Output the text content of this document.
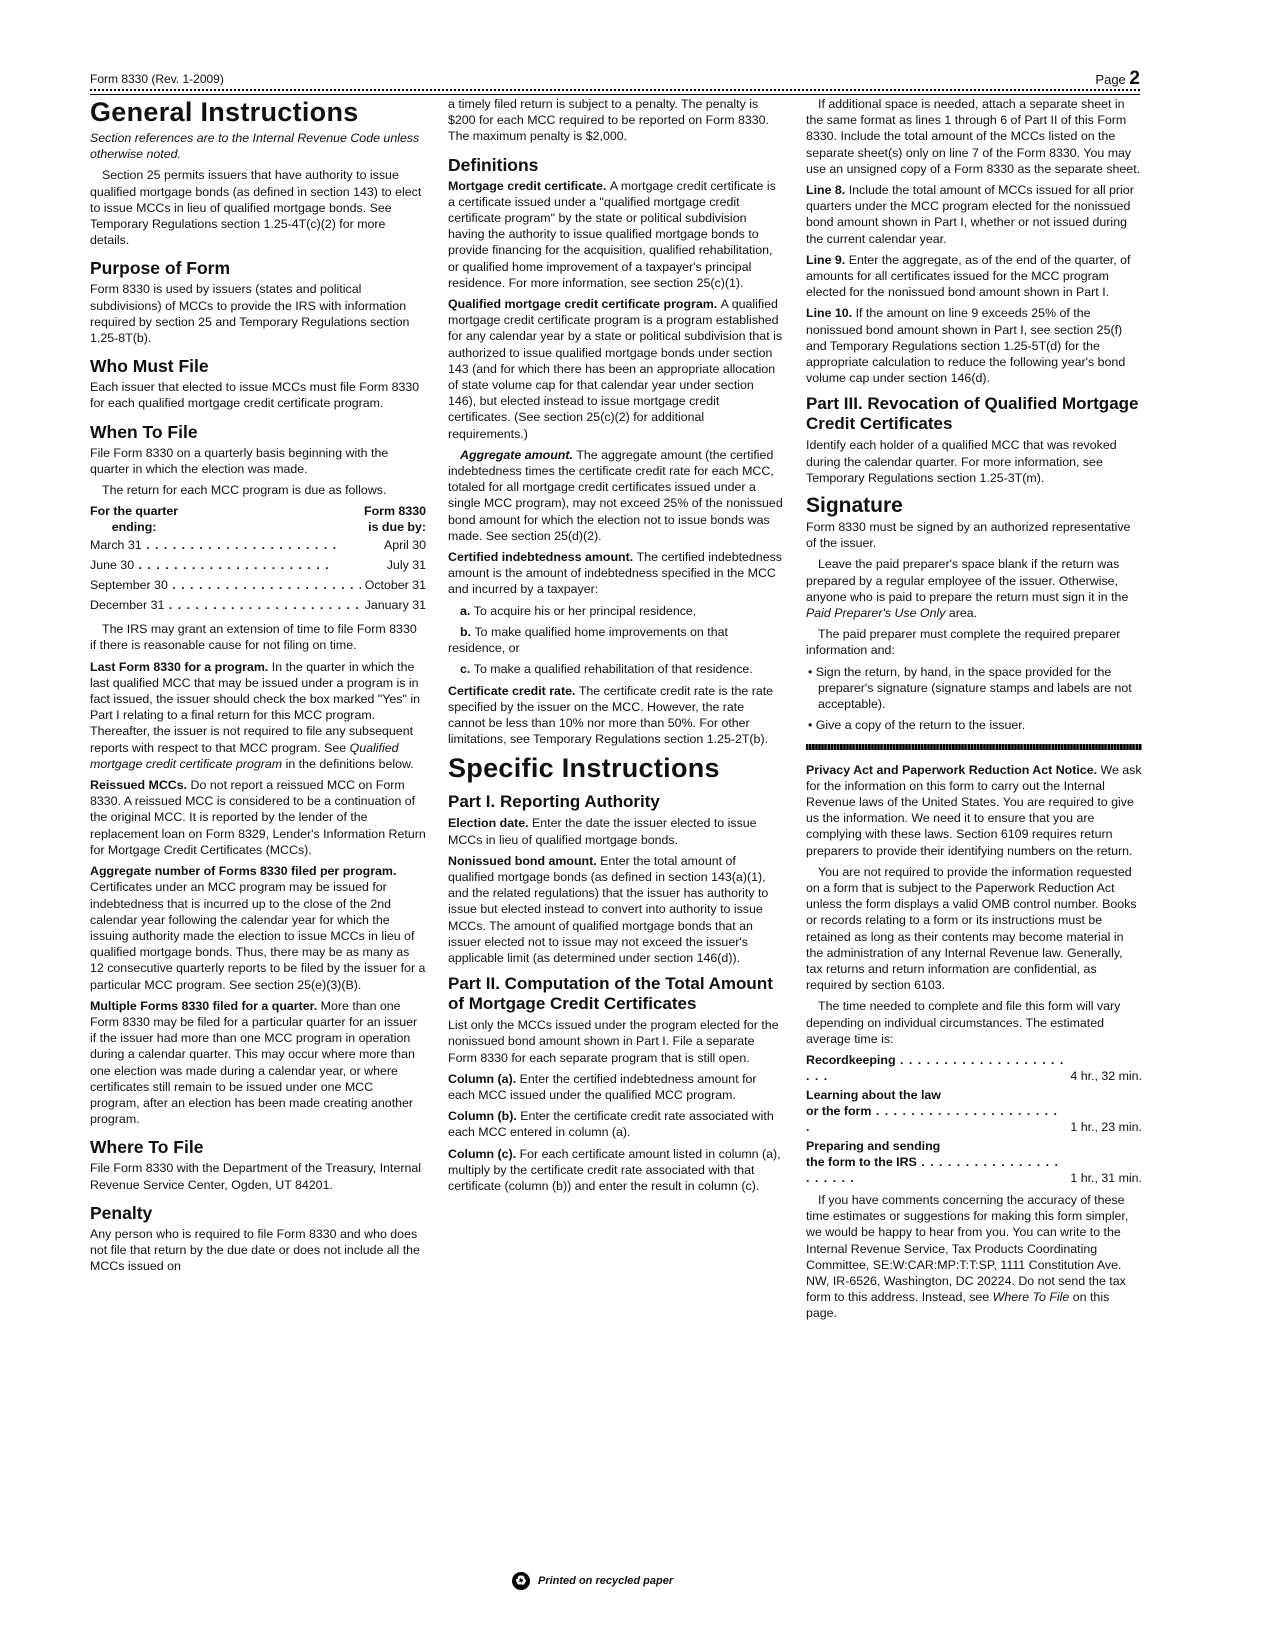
Form 8330 (Rev. 1-2009)	Page 2
General Instructions
Section references are to the Internal Revenue Code unless otherwise noted.
Section 25 permits issuers that have authority to issue qualified mortgage bonds (as defined in section 143) to elect to issue MCCs in lieu of qualified mortgage bonds. See Temporary Regulations section 1.25-4T(c)(2) for more details.
Purpose of Form
Form 8330 is used by issuers (states and political subdivisions) of MCCs to provide the IRS with information required by section 25 and Temporary Regulations section 1.25-8T(b).
Who Must File
Each issuer that elected to issue MCCs must file Form 8330 for each qualified mortgage credit certificate program.
When To File
File Form 8330 on a quarterly basis beginning with the quarter in which the election was made.
The return for each MCC program is due as follows.
For the quarter
ending:
Form 8330
is due by:
March 31 . .	April 30
June 30 . .	July 31
September 30 . .	October 31
December 31 . .	January 31
The IRS may grant an extension of time to file Form 8330 if there is reasonable cause for not filing on time.
Last Form 8330 for a program. In the quarter in which the last qualified MCC that may be issued under a program is in fact issued, the issuer should check the box marked "Yes" in Part I relating to a final return for this MCC program. Thereafter, the issuer is not required to file any subsequent reports with respect to that MCC program. See Qualified mortgage credit certificate program in the definitions below.
Reissued MCCs. Do not report a reissued MCC on Form 8330. A reissued MCC is considered to be a continuation of the original MCC. It is reported by the lender of the replacement loan on Form 8329, Lender's Information Return for Mortgage Credit Certificates (MCCs).
Aggregate number of Forms 8330 filed per program. Certificates under an MCC program may be issued for indebtedness that is incurred up to the close of the 2nd calendar year following the calendar year for which the issuing authority made the election to issue MCCs in lieu of qualified mortgage bonds. Thus, there may be as many as 12 consecutive quarterly reports to be filed by the issuer for a particular MCC program. See section 25(e)(3)(B).
Multiple Forms 8330 filed for a quarter. More than one Form 8330 may be filed for a particular quarter for an issuer if the issuer had more than one MCC program in operation during a calendar quarter. This may occur where more than one election was made during a calendar year, or where certificates still remain to be issued under one MCC program, after an election has been made creating another program.
Where To File
File Form 8330 with the Department of the Treasury, Internal Revenue Service Center, Ogden, UT 84201.
Penalty
Any person who is required to file Form 8330 and who does not file that return by the due date or does not include all the MCCs issued on
a timely filed return is subject to a penalty. The penalty is $200 for each MCC required to be reported on Form 8330. The maximum penalty is $2,000.
Definitions
Mortgage credit certificate. A mortgage credit certificate is a certificate issued under a "qualified mortgage credit certificate program" by the state or political subdivision having the authority to issue qualified mortgage bonds to provide financing for the acquisition, qualified rehabilitation, or qualified home improvement of a taxpayer's principal residence. For more information, see section 25(c)(1).
Qualified mortgage credit certificate program. A qualified mortgage credit certificate program is a program established for any calendar year by a state or political subdivision that is authorized to issue qualified mortgage bonds under section 143 (and for which there has been an appropriate allocation of state volume cap for that calendar year under section 146), but elected instead to issue mortgage credit certificates. (See section 25(c)(2) for additional requirements.)
Aggregate amount. The aggregate amount (the certified indebtedness times the certificate credit rate for each MCC, totaled for all mortgage credit certificates issued under a single MCC program), may not exceed 25% of the nonissued bond amount for which the election not to issue bonds was made. See section 25(d)(2).
Certified indebtedness amount. The certified indebtedness amount is the amount of indebtedness specified in the MCC and incurred by a taxpayer:
a. To acquire his or her principal residence,
b. To make qualified home improvements on that residence, or
c. To make a qualified rehabilitation of that residence.
Certificate credit rate. The certificate credit rate is the rate specified by the issuer on the MCC. However, the rate cannot be less than 10% nor more than 50%. For other limitations, see Temporary Regulations section 1.25-2T(b).
Specific Instructions
Part I. Reporting Authority
Election date. Enter the date the issuer elected to issue MCCs in lieu of qualified mortgage bonds.
Nonissued bond amount. Enter the total amount of qualified mortgage bonds (as defined in section 143(a)(1), and the related regulations) that the issuer has authority to issue but elected instead to convert into authority to issue MCCs. The amount of qualified mortgage bonds that an issuer elected not to issue may not exceed the issuer's applicable limit (as determined under section 146(d)).
Part II. Computation of the Total Amount of Mortgage Credit Certificates
List only the MCCs issued under the program elected for the nonissued bond amount shown in Part I. File a separate Form 8330 for each separate program that is still open.
Column (a). Enter the certified indebtedness amount for each MCC issued under the qualified MCC program.
Column (b). Enter the certificate credit rate associated with each MCC entered in column (a).
Column (c). For each certificate amount listed in column (a), multiply by the certificate credit rate associated with that certificate (column (b)) and enter the result in column (c).
If additional space is needed, attach a separate sheet in the same format as lines 1 through 6 of Part II of this Form 8330. Include the total amount of the MCCs listed on the separate sheet(s) only on line 7 of the Form 8330. You may use an unsigned copy of a Form 8330 as the separate sheet.
Line 8. Include the total amount of MCCs issued for all prior quarters under the MCC program elected for the nonissued bond amount shown in Part I, whether or not issued during the current calendar year.
Line 9. Enter the aggregate, as of the end of the quarter, of amounts for all certificates issued for the MCC program elected for the nonissued bond amount shown in Part I.
Line 10. If the amount on line 9 exceeds 25% of the nonissued bond amount shown in Part I, see section 25(f) and Temporary Regulations section 1.25-5T(d) for the appropriate calculation to reduce the following year's bond volume cap under section 146(d).
Part III. Revocation of Qualified Mortgage Credit Certificates
Identify each holder of a qualified MCC that was revoked during the calendar quarter. For more information, see Temporary Regulations section 1.25-3T(m).
Signature
Form 8330 must be signed by an authorized representative of the issuer.
Leave the paid preparer's space blank if the return was prepared by a regular employee of the issuer. Otherwise, anyone who is paid to prepare the return must sign it in the Paid Preparer's Use Only area.
The paid preparer must complete the required preparer information and:
• Sign the return, by hand, in the space provided for the preparer's signature (signature stamps and labels are not acceptable).
• Give a copy of the return to the issuer.
Privacy Act and Paperwork Reduction Act Notice. We ask for the information on this form to carry out the Internal Revenue laws of the United States. You are required to give us the information. We need it to ensure that you are complying with these laws. Section 6109 requires return preparers to provide their identifying numbers on the return.
You are not required to provide the information requested on a form that is subject to the Paperwork Reduction Act unless the form displays a valid OMB control number. Books or records relating to a form or its instructions must be retained as long as their contents may become material in the administration of any Internal Revenue law. Generally, tax returns and return information are confidential, as required by section 6103.
The time needed to complete and file this form will vary depending on individual circumstances. The estimated average time is:
Recordkeeping . .
4 hr., 32 min.
Learning about the law
or the form . .
1 hr., 23 min.
Preparing and sending
the form to the IRS . .
1 hr., 31 min.
If you have comments concerning the accuracy of these time estimates or suggestions for making this form simpler, we would be happy to hear from you. You can write to the Internal Revenue Service, Tax Products Coordinating Committee, SE:W:CAR:MP:T:T:SP, 1111 Constitution Ave. NW, IR-6526, Washington, DC 20224. Do not send the tax form to this address. Instead, see Where To File on this page.
♻ Printed on recycled paper
